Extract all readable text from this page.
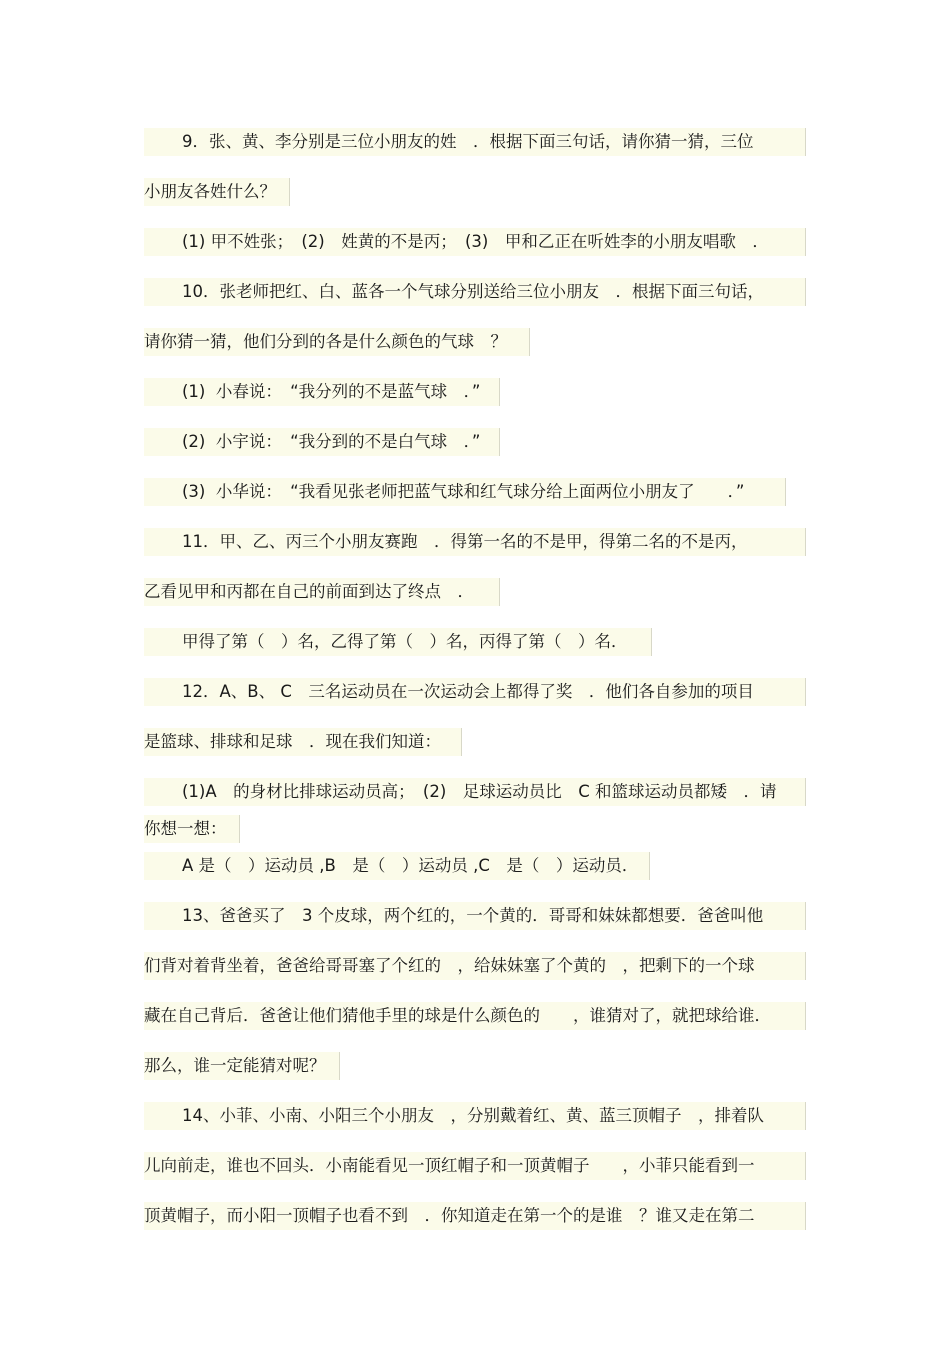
9．张、黄、李分别是三位小朋友的姓　．根据下面三句话，请你猜一猜，三位
小朋友各姓什么？
(1) 甲不姓张；　(2)　姓黄的不是丙；　(3)　甲和乙正在听姓李的小朋友唱歌　．
10．张老师把红、白、蓝各一个气球分别送给三位小朋友　．根据下面三句话，
请你猜一猜，他们分到的各是什么颜色的气球　？
(1)  小春说：　“我分列的不是蓝气球　．”
(2)  小宇说：　“我分到的不是白气球　．”
(3)  小华说：　“我看见张老师把蓝气球和红气球分给上面两位小朋友了　　．”
11．甲、乙、丙三个小朋友赛跑　．得第一名的不是甲，得第二名的不是丙，
乙看见甲和丙都在自己的前面到达了终点　．
甲得了第（　）名，乙得了第（　）名，丙得了第（　）名．
12．A、B、 C　三名运动员在一次运动会上都得了奖　．他们各自参加的项目
是篮球、排球和足球　．现在我们知道：
(1)A　的身材比排球运动员高；　(2)　足球运动员比　C 和篮球运动员都矮　．请
你想一想：
A 是（　）运动员 ,B　是（　）运动员 ,C　是（　）运动员．
13、爸爸买了　3 个皮球，两个红的，一个黄的．哥哥和妹妹都想要．爸爸叫他
们背对着背坐着，爸爸给哥哥塞了个红的　，给妹妹塞了个黄的　，把剩下的一个球
藏在自己背后．爸爸让他们猜他手里的球是什么颜色的　　，谁猜对了，就把球给谁．
那么，谁一定能猜对呢？
14、小菲、小南、小阳三个小朋友　，分别戴着红、黄、蓝三顶帽子　，排着队
儿向前走，谁也不回头．小南能看见一顶红帽子和一顶黄帽子　　，小菲只能看到一
顶黄帽子，而小阳一顶帽子也看不到　．你知道走在第一个的是谁　？谁又走在第二
